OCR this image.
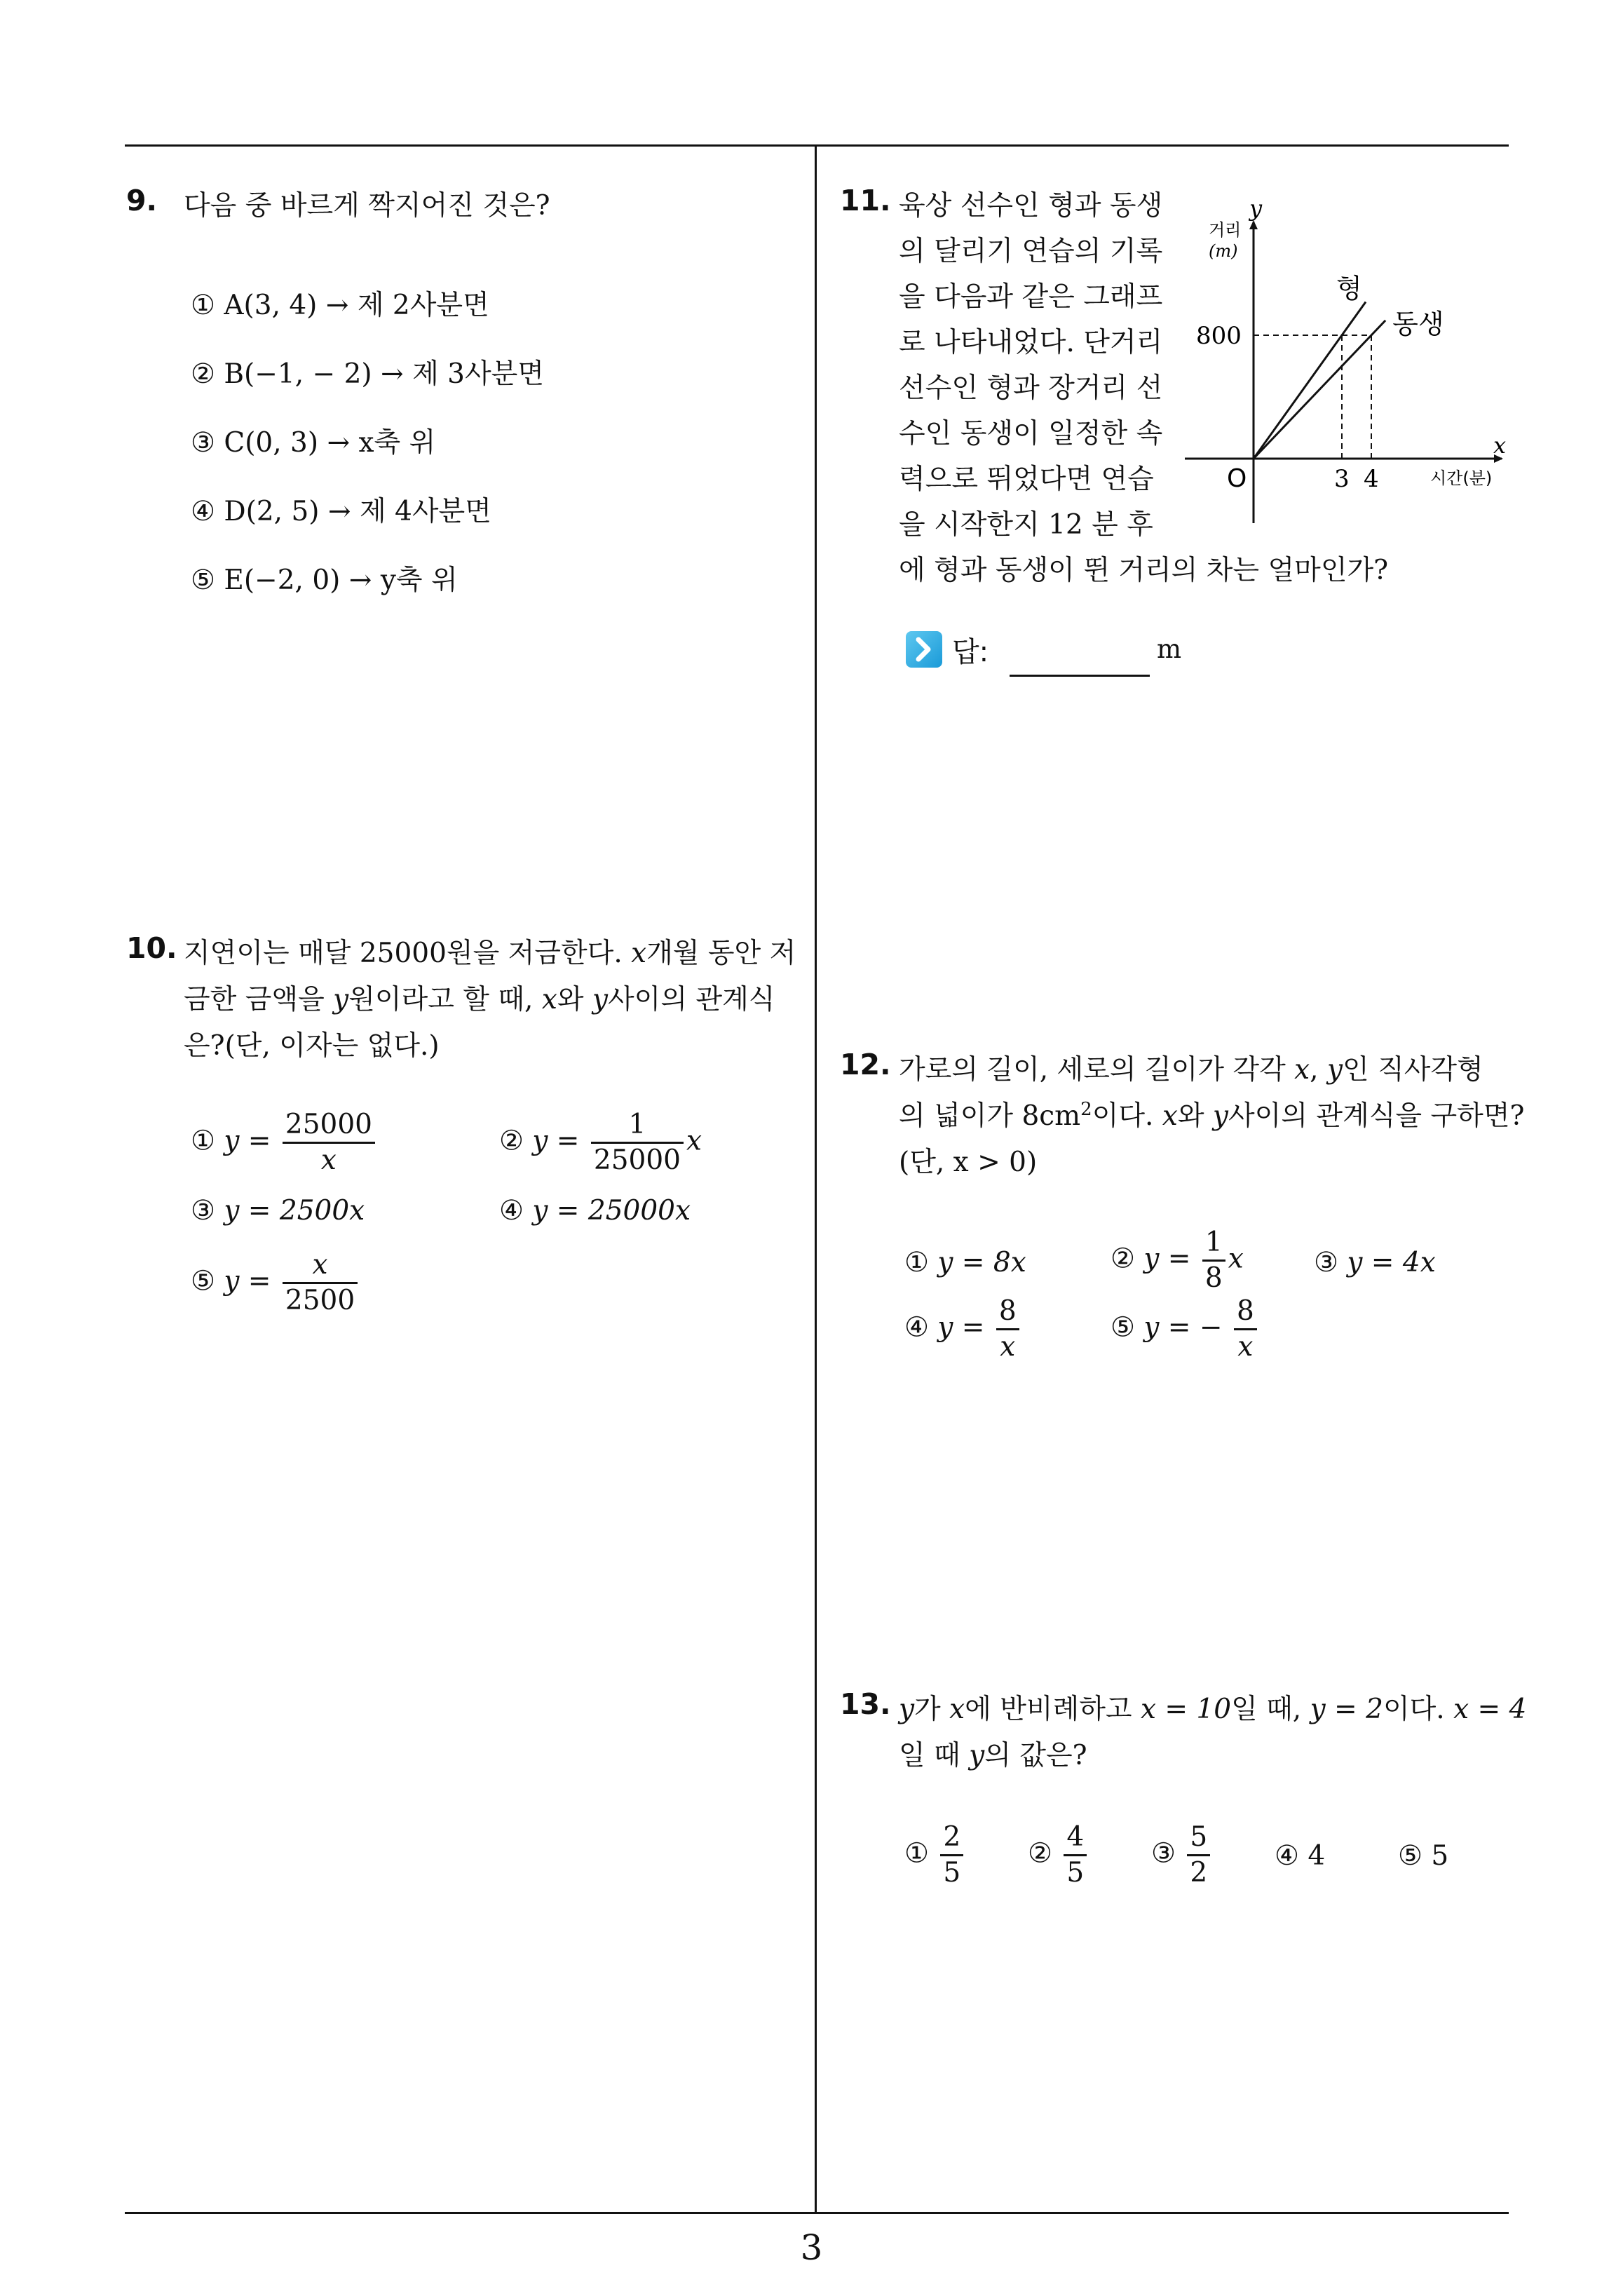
3
9. 다음 중 바르게 짝지어진 것은?
① A(3, 4) → 제 2사분면
② B(−1, − 2) → 제 3사분면
③ C(0, 3) → x축 위
④ D(2, 5) → 제 4사분면
⑤ E(−2, 0) → y축 위
10. 지연이는 매달 25000원을 저금한다. x개월 동안 저
금한 금액을 y원이라고 할 때, x와 y사이의 관계식
은?(단, 이자는 없다.)
① $y = \frac{25000}{x}$	② $y = \frac{1}{25000}$ x
③ y = 2500x	④ y = 25000x
⑤ $y = \frac{x}{2500}$
11. 육상 선수인 형과 동생
의 달리기 연습의 기록
을 다음과 같은 그래프
로 나타내었다. 단거리
선수인 형과 장거리 선
수인 동생이 일정한 속
력으로 뛰었다면 연습
을 시작한지 12 분 후
에 형과 동생이 뛴 거리의 차는 얼마인가?
형
동생
3 4
800
O
x
y
시간(분)
거리
(m)
답:	m
12. 가로의 길이, 세로의 길이가 각각 x, y인 직사각형
의 넓이가 $8cm^2$이다. x와 y사이의 관계식을 구하면?
(단, x > 0)
① y = 8x	② $y = \frac{1}{8}$ x	③ y = 4x
④ $y = \frac{8}{x}$	⑤ y = − $\frac{8}{x}$
13. y가 x에 반비례하고 x = 10일 때, y = 2이다. x = 4
일 때 y의 값은?
① $\frac{2}{5}$ ② $\frac{4}{5}$ ③ $\frac{5}{2}$ ④ 4	⑤ 5
